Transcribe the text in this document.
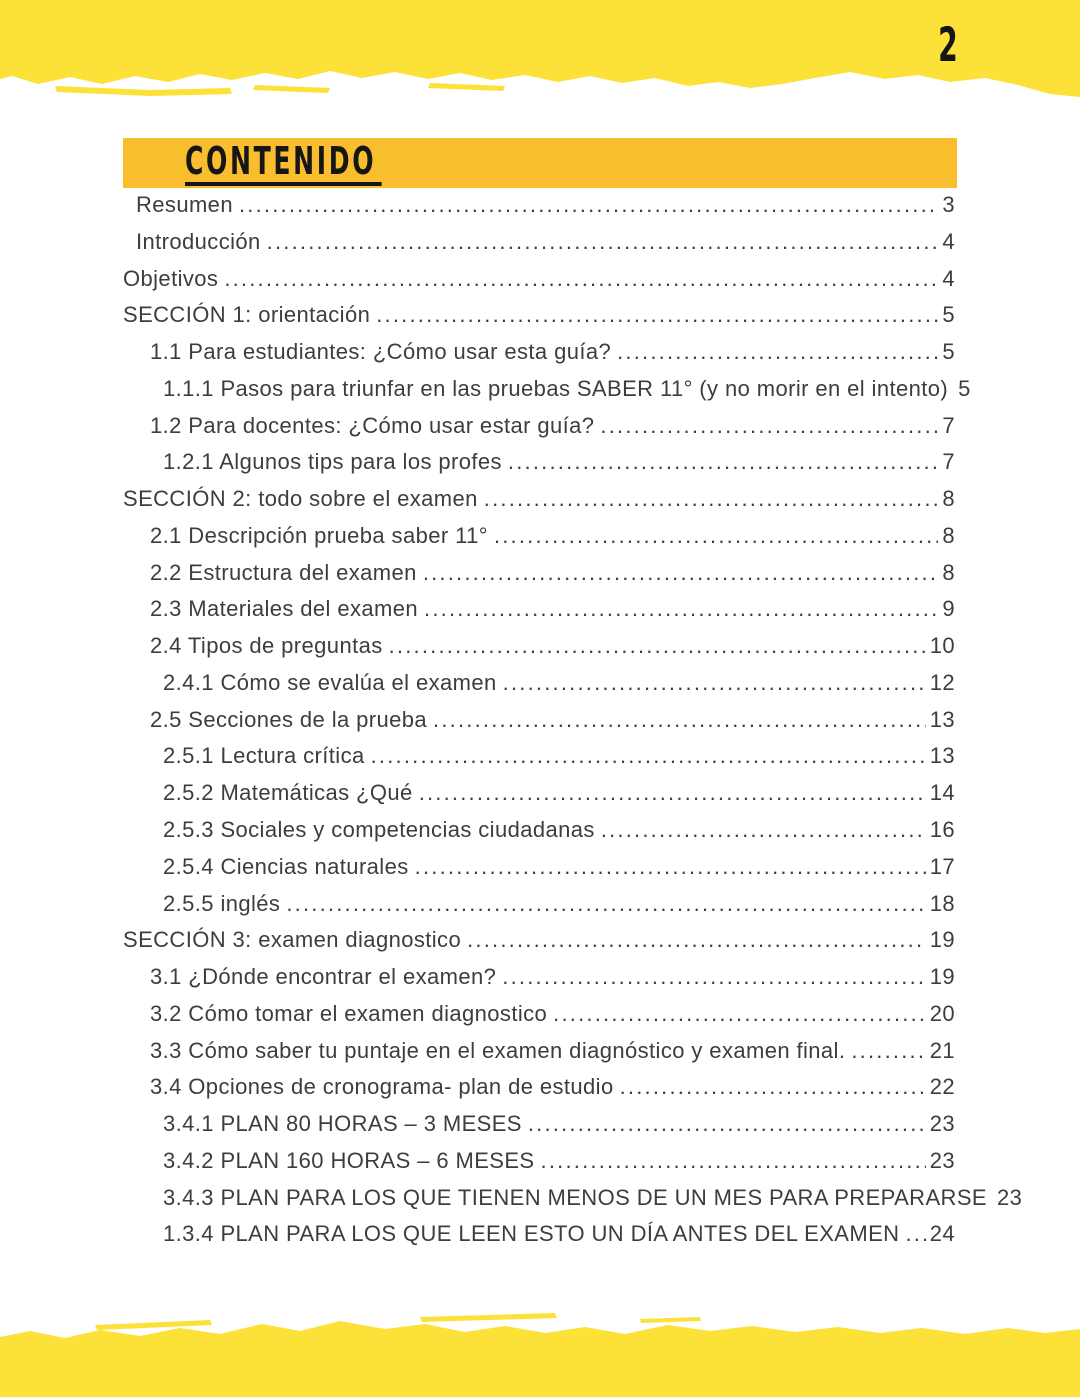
2
CONTENIDO
Resumen .....	3
Introducción .....	4
Objetivos .....	4
SECCIÓN 1: orientación .....	5
1.1 Para estudiantes: ¿Cómo usar esta guía? .....	5
1.1.1 Pasos para triunfar en las pruebas SABER 11° (y no morir en el intento) 5
1.2 Para docentes: ¿Cómo usar estar guía? .....	7
1.2.1 Algunos tips para los profes .....	7
SECCIÓN 2: todo sobre el examen .....	8
2.1 Descripción prueba saber 11° .....	8
2.2 Estructura del examen .....	8
2.3 Materiales del examen .....	9
2.4 Tipos de preguntas .....	10
2.4.1 Cómo se evalúa el examen .....	12
2.5 Secciones de la prueba .....	13
2.5.1 Lectura crítica .....	13
2.5.2 Matemáticas ¿Qué .....	14
2.5.3 Sociales y competencias ciudadanas .....	16
2.5.4 Ciencias naturales .....	17
2.5.5 inglés .....	18
SECCIÓN 3: examen diagnostico .....	19
3.1 ¿Dónde encontrar el examen? .....	19
3.2 Cómo tomar el examen diagnostico .....	20
3.3 Cómo saber tu puntaje en el examen diagnóstico y examen final. .....	21
3.4 Opciones de cronograma- plan de estudio .....	22
3.4.1 PLAN 80 HORAS – 3 MESES .....	23
3.4.2 PLAN 160 HORAS – 6 MESES .....	23
3.4.3 PLAN PARA LOS QUE TIENEN MENOS DE UN MES PARA PREPARARSE 23
1.3.4 PLAN PARA LOS QUE LEEN ESTO UN DÍA ANTES DEL EXAMEN ..... 24
